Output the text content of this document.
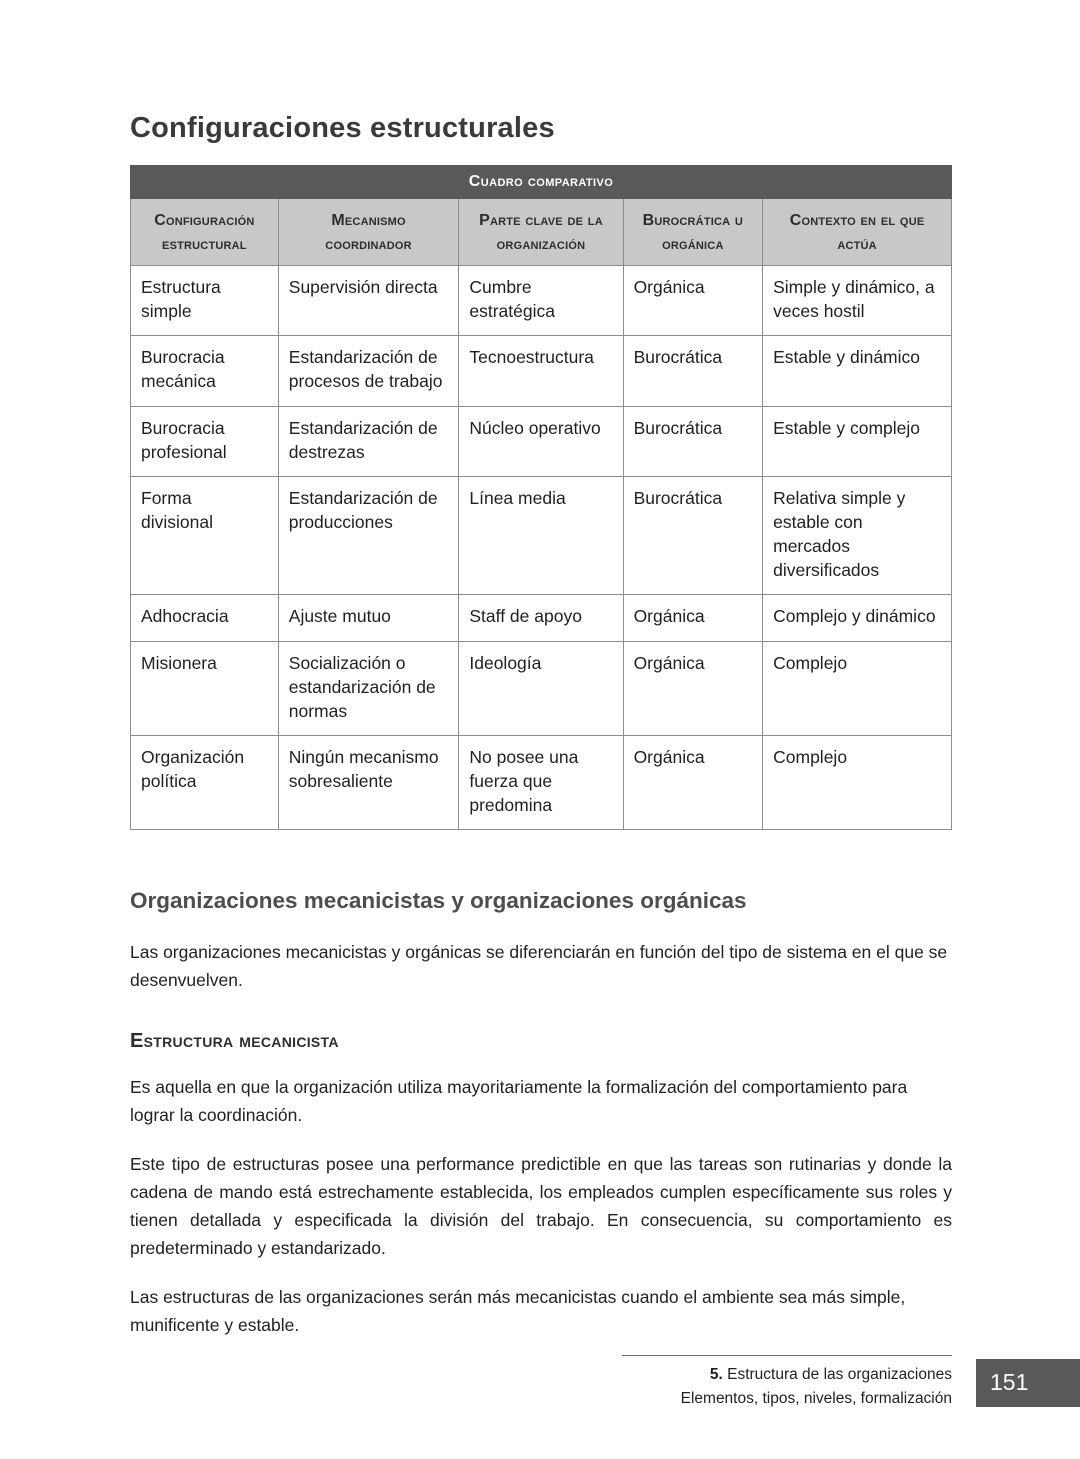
Configuraciones estructurales
Cuadro comparativo				
Configuración estructural	Mecanismo coordinador	Parte clave de la organización	Burocrática u orgánica	Contexto en el que actúa
Estructura simple	Supervisión directa	Cumbre estratégica	Orgánica	Simple y dinámico, a veces hostil
Burocracia mecánica	Estandarización de procesos de trabajo	Tecnoestructura	Burocrática	Estable y dinámico
Burocracia profesional	Estandarización de destrezas	Núcleo operativo	Burocrática	Estable y complejo
Forma divisional	Estandarización de producciones	Línea media	Burocrática	Relativa simple y estable con mercados diversificados
Adhocracia	Ajuste mutuo	Staff de apoyo	Orgánica	Complejo y dinámico
Misionera	Socialización o estandarización de normas	Ideología	Orgánica	Complejo
Organización política	Ningún mecanismo sobresaliente	No posee una fuerza que predomina	Orgánica	Complejo
Organizaciones mecanicistas y organizaciones orgánicas

Las organizaciones mecanicistas y orgánicas se diferenciarán en función del tipo de sistema en el que se desenvuelven.

Estructura mecanicista

Es aquella en que la organización utiliza mayoritariamente la formalización del comportamiento para lograr la coordinación.

Este tipo de estructuras posee una performance predictible en que las tareas son rutinarias y donde la cadena de mando está estrechamente establecida, los empleados cumplen específicamente sus roles y tienen detallada y especificada la división del trabajo. En consecuencia, su comportamiento es predeterminado y estandarizado.

Las estructuras de las organizaciones serán más mecanicistas cuando el ambiente sea más simple, munificente y estable.

5. Estructura de las organizaciones
Elementos, tipos, niveles, formalización
151
